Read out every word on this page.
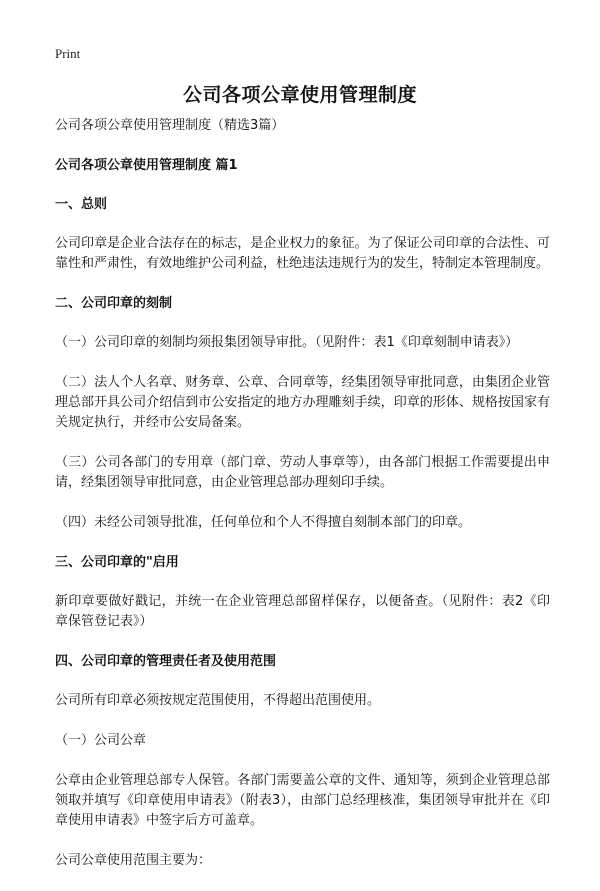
Print
公司各项公章使用管理制度

公司各项公章使用管理制度（精选3篇）

公司各项公章使用管理制度 篇1

一、总则

公司印章是企业合法存在的标志，是企业权力的象征。为了保证公司印章的合法性、可靠性和严肃性，有效地维护公司利益，杜绝违法违规行为的发生，特制定本管理制度。

二、公司印章的刻制

（一）公司印章的刻制均须报集团领导审批。（见附件：表1《印章刻制申请表》）

（二）法人个人名章、财务章、公章、合同章等，经集团领导审批同意，由集团企业管理总部开具公司介绍信到市公安指定的地方办理雕刻手续，印章的形体、规格按国家有关规定执行，并经市公安局备案。

（三）公司各部门的专用章（部门章、劳动人事章等），由各部门根据工作需要提出申请，经集团领导审批同意，由企业管理总部办理刻印手续。

（四）未经公司领导批准，任何单位和个人不得擅自刻制本部门的印章。

三、公司印章的"启用

新印章要做好戳记，并统一在企业管理总部留样保存，以便备查。（见附件：表2《印章保管登记表》）

四、公司印章的管理责任者及使用范围

公司所有印章必须按规定范围使用，不得超出范围使用。

（一）公司公章

公章由企业管理总部专人保管。各部门需要盖公章的文件、通知等，须到企业管理总部领取并填写《印章使用申请表》（附表3），由部门总经理核准，集团领导审批并在《印章使用申请表》中签字后方可盖章。

公司公章使用范围主要为：
